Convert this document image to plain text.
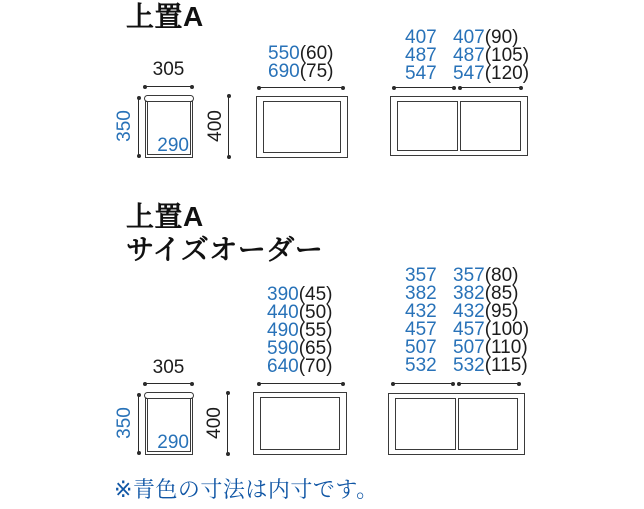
上置A
305
290
350	400
550 (60)
690 (75)
407 407 (90)
487 487 (105)
547 547 (120)
上置A
サイズオーダー
305
290
350	400
390 (45)
440 (50)
490 (55)
590 (65)
640 (70)
357 357 (80)
382 382 (85)
432 432 (95)
457 457 (100)
507 507 (110)
532 532 (115)
※青色の寸法は内寸です。
